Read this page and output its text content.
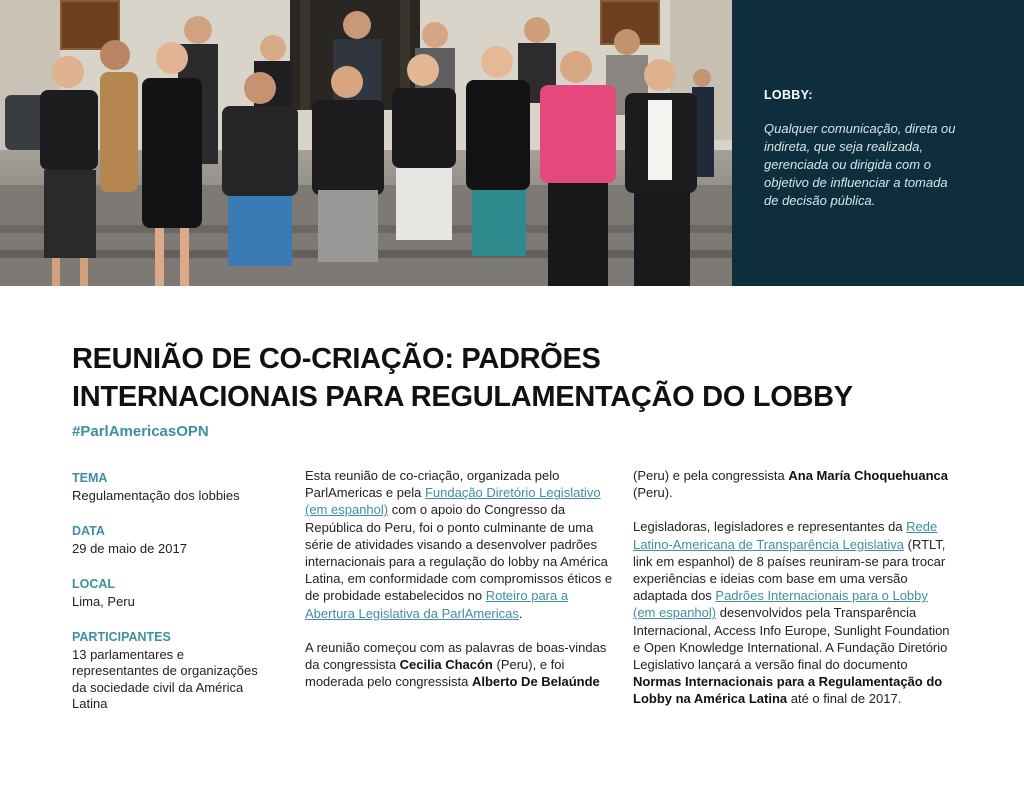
LOBBY:
Qualquer comunicação, direta ou indireta, que seja realizada, gerenciada ou dirigida com o objetivo de influenciar a tomada de decisão pública.
REUNIÃO DE CO-CRIAÇÃO: PADRÕES
INTERNACIONAIS PARA REGULAMENTAÇÃO DO LOBBY
#ParlAmericasOPN
TEMA
Regulamentação dos lobbies
DATA
29 de maio de 2017
LOCAL
Lima, Peru
PARTICIPANTES
13 parlamentares e representantes de organizações da sociedade civil da América Latina

Esta reunião de co-criação, organizada pelo ParlAmericas e pela Fundação Diretório Legislativo (em espanhol) com o apoio do Congresso da República do Peru, foi o ponto culminante de uma série de atividades visando a desenvolver padrões internacionais para a regulação do lobby na América Latina, em conformidade com compromissos éticos e de probidade estabelecidos no Roteiro para a Abertura Legislativa da ParlAmericas.

A reunião começou com as palavras de boas-vindas da congressista Cecilia Chacón (Peru), e foi moderada pelo congressista Alberto De Belaúnde

(Peru) e pela congressista Ana María Choquehuanca (Peru).

Legisladoras, legisladores e representantes da Rede Latino-Americana de Transparência Legislativa (RTLT, link em espanhol) de 8 países reuniram-se para trocar experiências e ideias com base em uma versão adaptada dos Padrões Internacionais para o Lobby (em espanhol) desenvolvidos pela Transparência Internacional, Access Info Europe, Sunlight Foundation e Open Knowledge International. A Fundação Diretório Legislativo lançará a versão final do documento Normas Internacionais para a Regulamentação do Lobby na América Latina até o final de 2017.
